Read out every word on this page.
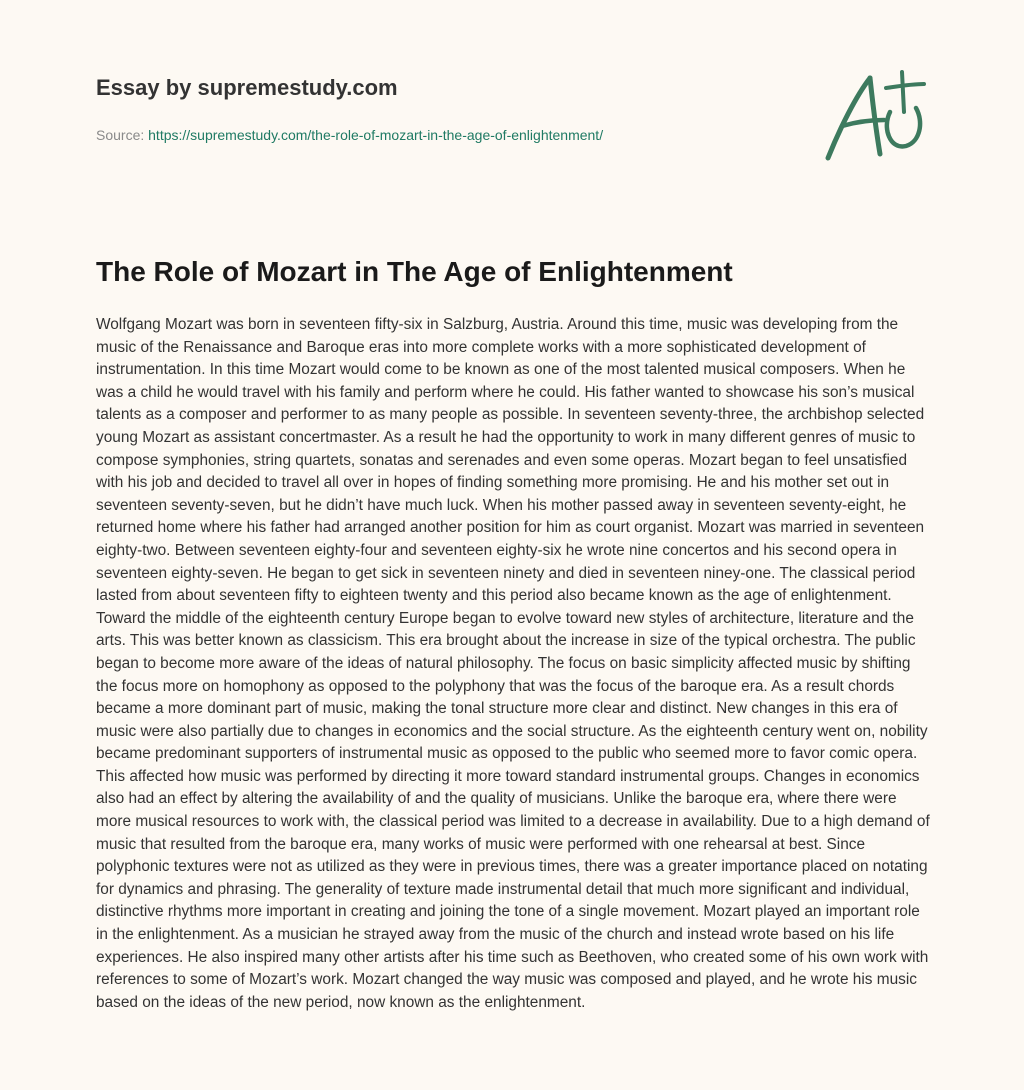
Essay by supremestudy.com
Source: https://supremestudy.com/the-role-of-mozart-in-the-age-of-enlightenment/
The Role of Mozart in The Age of Enlightenment

Wolfgang Mozart was born in seventeen fifty-six in Salzburg, Austria. Around this time, music was developing from the music of the Renaissance and Baroque eras into more complete works with a more sophisticated development of instrumentation. In this time Mozart would come to be known as one of the most talented musical composers. When he was a child he would travel with his family and perform where he could. His father wanted to showcase his son’s musical talents as a composer and performer to as many people as possible. In seventeen seventy-three, the archbishop selected young Mozart as assistant concertmaster. As a result he had the opportunity to work in many different genres of music to compose symphonies, string quartets, sonatas and serenades and even some operas. Mozart began to feel unsatisfied with his job and decided to travel all over in hopes of finding something more promising. He and his mother set out in seventeen seventy-seven, but he didn’t have much luck. When his mother passed away in seventeen seventy-eight, he returned home where his father had arranged another position for him as court organist. Mozart was married in seventeen eighty-two. Between seventeen eighty-four and seventeen eighty-six he wrote nine concertos and his second opera in seventeen eighty-seven. He began to get sick in seventeen ninety and died in seventeen niney-one. The classical period lasted from about seventeen fifty to eighteen twenty and this period also became known as the age of enlightenment. Toward the middle of the eighteenth century Europe began to evolve toward new styles of architecture, literature and the arts. This was better known as classicism. This era brought about the increase in size of the typical orchestra. The public began to become more aware of the ideas of natural philosophy. The focus on basic simplicity affected music by shifting the focus more on homophony as opposed to the polyphony that was the focus of the baroque era. As a result chords became a more dominant part of music, making the tonal structure more clear and distinct. New changes in this era of music were also partially due to changes in economics and the social structure. As the eighteenth century went on, nobility became predominant supporters of instrumental music as opposed to the public who seemed more to favor comic opera. This affected how music was performed by directing it more toward standard instrumental groups. Changes in economics also had an effect by altering the availability of and the quality of musicians. Unlike the baroque era, where there were more musical resources to work with, the classical period was limited to a decrease in availability. Due to a high demand of music that resulted from the baroque era, many works of music were performed with one rehearsal at best. Since polyphonic textures were not as utilized as they were in previous times, there was a greater importance placed on notating for dynamics and phrasing. The generality of texture made instrumental detail that much more significant and individual, distinctive rhythms more important in creating and joining the tone of a single movement. Mozart played an important role in the enlightenment. As a musician he strayed away from the music of the church and instead wrote based on his life experiences. He also inspired many other artists after his time such as Beethoven, who created some of his own work with references to some of Mozart’s work. Mozart changed the way music was composed and played, and he wrote his music based on the ideas of the new period, now known as the enlightenment.
